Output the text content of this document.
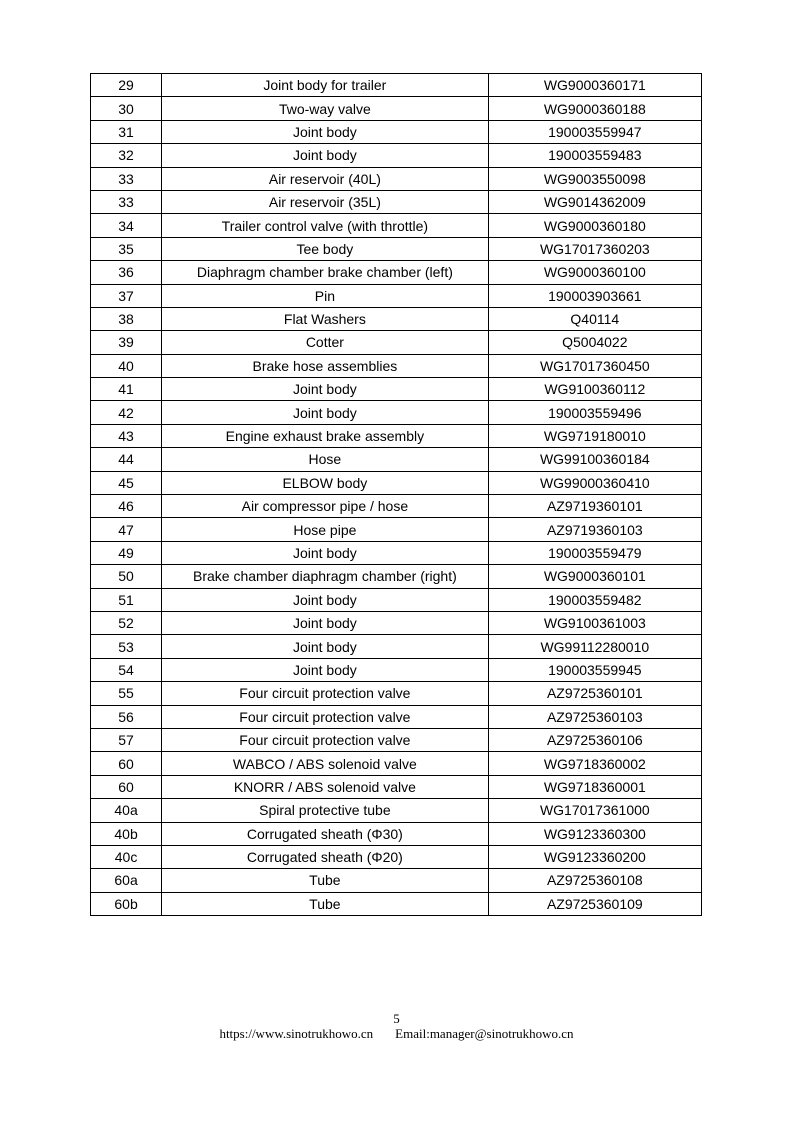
29	Joint body for trailer	WG9000360171
30	Two-way valve	WG9000360188
31	Joint body	190003559947
32	Joint body	190003559483
33	Air reservoir (40L)	WG9003550098
33	Air reservoir (35L)	WG9014362009
34	Trailer control valve (with throttle)	WG9000360180
35	Tee body	WG17017360203
36	Diaphragm chamber brake chamber (left)	WG9000360100
37	Pin	190003903661
38	Flat Washers	Q40114
39	Cotter	Q5004022
40	Brake hose assemblies	WG17017360450
41	Joint body	WG9100360112
42	Joint body	190003559496
43	Engine exhaust brake assembly	WG9719180010
44	Hose	WG99100360184
45	ELBOW body	WG99000360410
46	Air compressor pipe / hose	AZ9719360101
47	Hose pipe	AZ9719360103
49	Joint body	190003559479
50	Brake chamber diaphragm chamber (right)	WG9000360101
51	Joint body	190003559482
52	Joint body	WG9100361003
53	Joint body	WG99112280010
54	Joint body	190003559945
55	Four circuit protection valve	AZ9725360101
56	Four circuit protection valve	AZ9725360103
57	Four circuit protection valve	AZ9725360106
60	WABCO / ABS solenoid valve	WG9718360002
60	KNORR / ABS solenoid valve	WG9718360001
40a	Spiral protective tube	WG17017361000
40b	Corrugated sheath (Φ30)	WG9123360300
40c	Corrugated sheath (Φ20)	WG9123360200
60a	Tube	AZ9725360108
60b	Tube	AZ9725360109
5
https://www.sinotrukhowo.cn Email:manager@sinotrukhowo.cn
